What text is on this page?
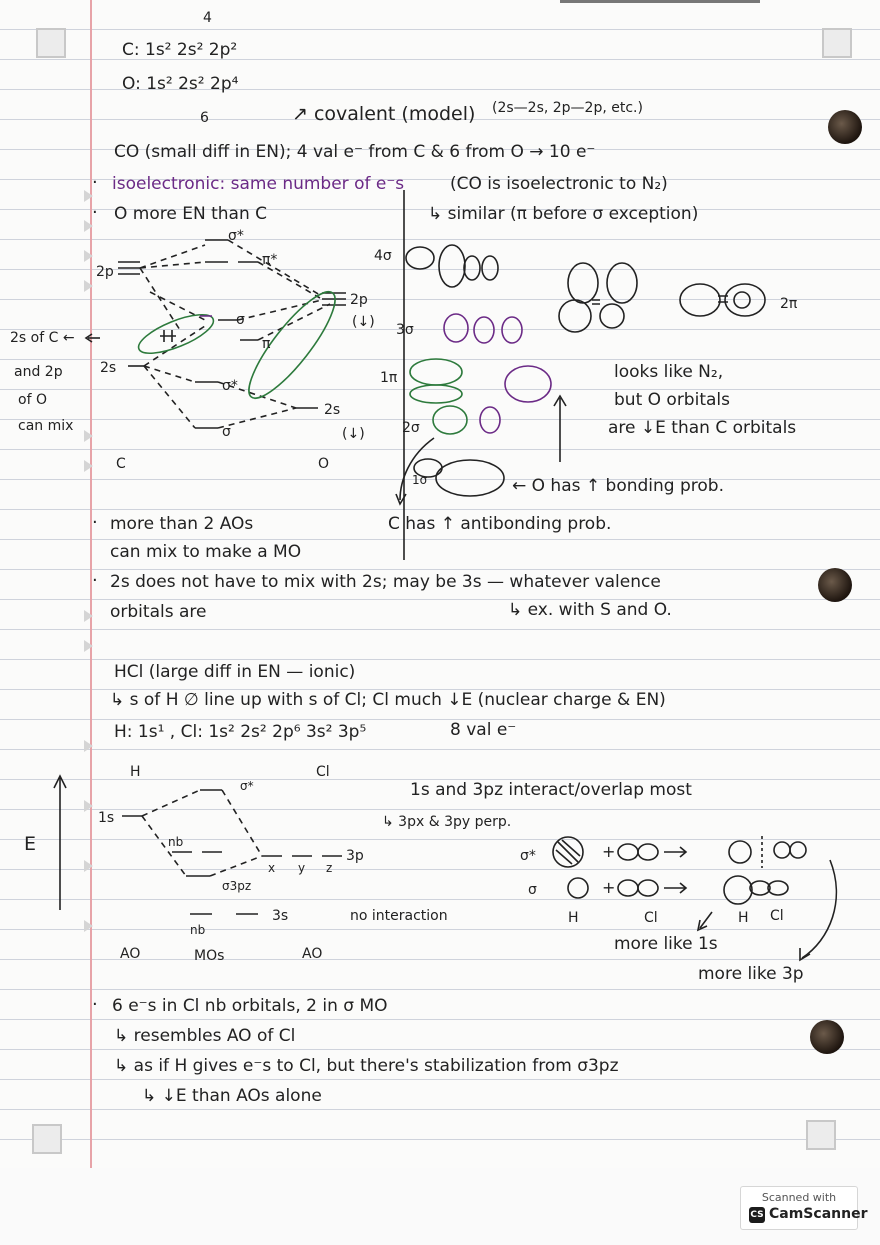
4
C: 1s² 2s² 2p²
O: 1s² 2s² 2p⁴
6	↗ covalent (model) (2s—2s, 2p—2p, etc.)
CO (small diff in EN); 4 val e⁻ from C & 6 from O → 10 e⁻
· isoelectronic: same number of e⁻s	(CO is isoelectronic to N₂)
· O more EN than C	↳ similar (π before σ exception)
σ*
π*
2p
2p
(↓)
σ
π
2s
σ*
2s
(↓)
σ
C	O
4σ
3σ
1π
2σ
1σ
2π
2s of C ←
and 2p
of O
can mix
looks like N₂,
but O orbitals
are ↓E than C orbitals
← O has ↑ bonding prob.
C has ↑ antibonding prob.
· more than 2 AOs
can mix to make a MO
· 2s does not have to mix with 2s; may be 3s — whatever valence
orbitals are	↳ ex. with S and O.
HCl (large diff in EN — ionic)
↳ s of H ∅ line up with s of Cl; Cl much ↓E (nuclear charge & EN)
H: 1s¹ , Cl: 1s² 2s² 2p⁶ 3s² 3p⁵	8 val e⁻
1s and 3pz interact/overlap most
↳ 3px & 3py perp.
no interaction
+
+
H	Cl
σ*
1s
nb
x y z
3p
σ3pz
nb
3s
E
AO	MOs	AO
σ*
σ
H	Cl	H Cl
more like 1s
more like 3p
· 6 e⁻s in Cl nb orbitals, 2 in σ MO
↳ resembles AO of Cl
↳ as if H gives e⁻s to Cl, but there's stabilization from σ3pz
↳ ↓E than AOs alone
Scanned with
CS CamScanner
